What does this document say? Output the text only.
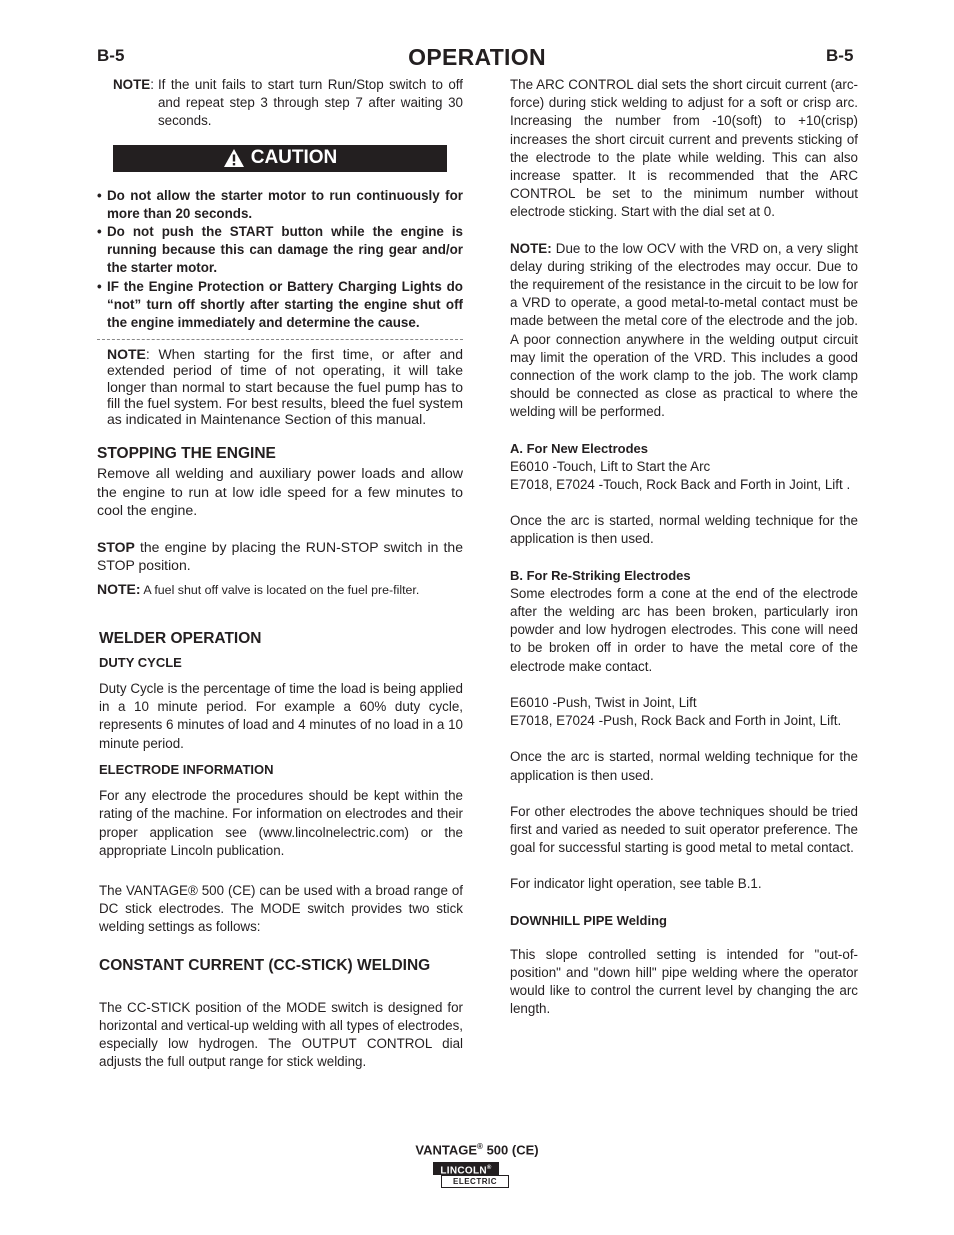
B-5	OPERATION	B-5
NOTE : If the unit fails to start turn Run/Stop switch to off and repeat step 3 through step 7 after waiting 30 seconds.
CAUTION
• Do not allow the starter motor to run continuously for more than 20 seconds.
• Do not push the START button while the engine is running because this can damage the ring gear and/or the starter motor.
• IF the Engine Protection or Battery Charging Lights do “not” turn off shortly after starting the engine shut off the engine immediately and determine the cause.
NOTE: When starting for the first time, or after and extended period of time of not operating, it will take longer than normal to start because the fuel pump has to fill the fuel system. For best results, bleed the fuel system as indicated in Maintenance Section of this manual.
STOPPING THE ENGINE

Remove all welding and auxiliary power loads and allow the engine to run at low idle speed for a few minutes to cool the engine.

STOP the engine by placing the RUN-STOP switch in the STOP position.

NOTE: A fuel shut off valve is located on the fuel pre-filter.

WELDER OPERATION
DUTY CYCLE

Duty Cycle is the percentage of time the load is being applied in a 10 minute period. For example a 60% duty cycle, represents 6 minutes of load and 4 minutes of no load in a 10 minute period.

ELECTRODE INFORMATION

For any electrode the procedures should be kept within the rating of the machine. For information on electrodes and their proper application see (www.lincolnelectric.com) or the appropriate Lincoln publication.

The VANTAGE® 500 (CE) can be used with a broad range of DC stick electrodes. The MODE switch provides two stick welding settings as follows:

CONSTANT CURRENT (CC-STICK) WELDING

The CC-STICK position of the MODE switch is designed for horizontal and vertical-up welding with all types of electrodes, especially low hydrogen. The OUTPUT CONTROL dial adjusts the full output range for stick welding.

The ARC CONTROL dial sets the short circuit current (arc-force) during stick welding to adjust for a soft or crisp arc. Increasing the number from -10(soft) to +10(crisp) increases the short circuit current and prevents sticking of the electrode to the plate while welding. This can also increase spatter. It is recommended that the ARC CONTROL be set to the minimum number without electrode sticking. Start with the dial set at 0.

NOTE: Due to the low OCV with the VRD on, a very slight delay during striking of the electrodes may occur. Due to the requirement of the resistance in the circuit to be low for a VRD to operate, a good metal-to-metal contact must be made between the metal core of the electrode and the job. A poor connection anywhere in the welding output circuit may limit the operation of the VRD. This includes a good connection of the work clamp to the job. The work clamp should be connected as close as practical to where the welding will be performed.

A. For New Electrodes
E6010 - Touch, Lift to Start the Arc
E7018, E7024 - Touch, Rock Back and Forth in Joint, Lift .

Once the arc is started, normal welding technique for the application is then used.

B. For Re-Striking Electrodes

Some electrodes form a cone at the end of the electrode after the welding arc has been broken, particularly iron powder and low hydrogen electrodes. This cone will need to be broken off in order to have the metal core of the electrode make contact.

E6010 - Push, Twist in Joint, Lift
E7018, E7024 - Push, Rock Back and Forth in Joint, Lift.

Once the arc is started, normal welding technique for the application is then used.

For other electrodes the above techniques should be tried first and varied as needed to suit operator preference. The goal for successful starting is good metal to metal contact.

For indicator light operation, see table B.1.

DOWNHILL PIPE Welding

This slope controlled setting is intended for "out-of-position" and "down hill" pipe welding where the operator would like to control the current level by changing the arc length.

VANTAGE® 500 (CE)
LINCOLN®
ELECTRIC
